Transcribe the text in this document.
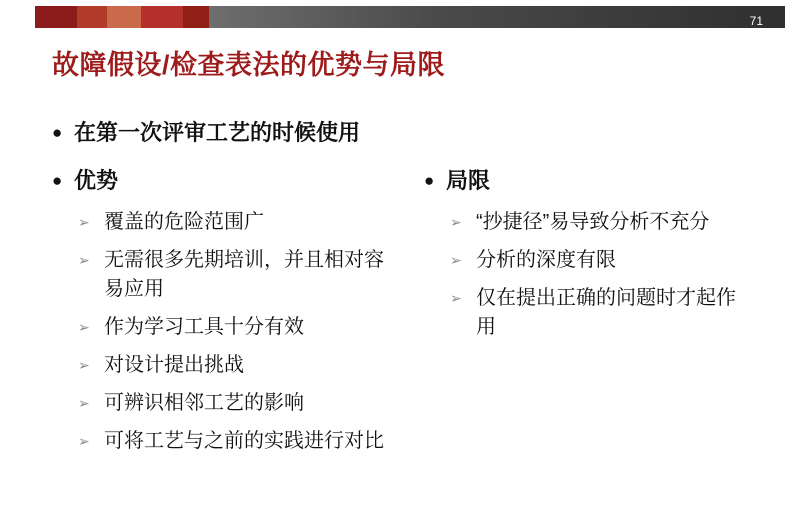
71
故障假设/检查表法的优势与局限
● 在第一次评审工艺的时候使用
● 优势
➢ 覆盖的危险范围广
➢ 无需很多先期培训，并且相对容易应用
➢ 作为学习工具十分有效
➢ 对设计提出挑战
➢ 可辨识相邻工艺的影响
➢ 可将工艺与之前的实践进行对比
● 局限
➢ “抄捷径”易导致分析不充分
➢ 分析的深度有限
➢ 仅在提出正确的问题时才起作用
